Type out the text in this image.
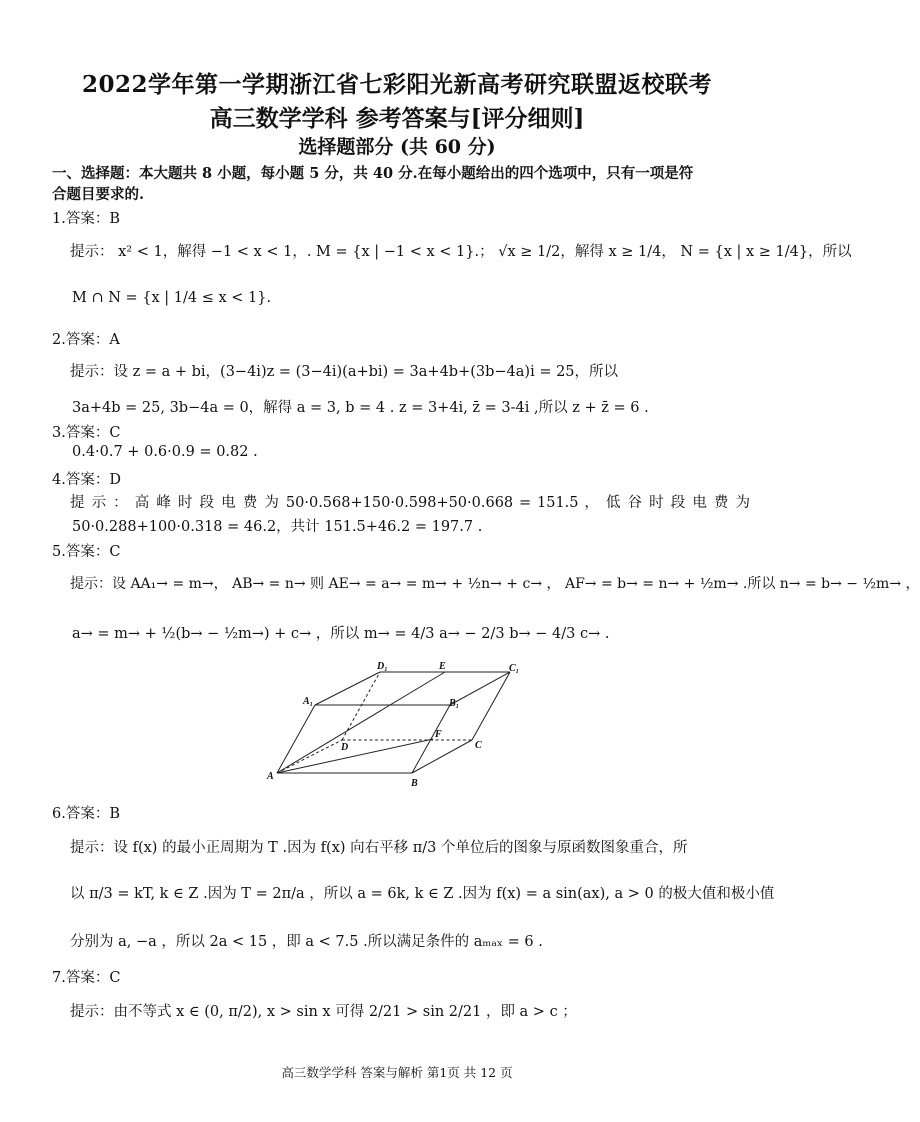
2022学年第一学期浙江省七彩阳光新高考研究联盟返校联考
高三数学学科 参考答案与[评分细则]
选择题部分 (共 60 分)
一、选择题：本大题共 8 小题，每小题 5 分，共 40 分.在每小题给出的四个选项中，只有一项是符
合题目要求的.
1.答案：B
提示： x² < 1，解得 −1 < x < 1，. M = {x | −1 < x < 1}.； √x ≥ 1/2，解得 x ≥ 1/4， N = {x | x ≥ 1/4}，所以
M ∩ N = {x | 1/4 ≤ x < 1}.
2.答案：A
提示：设 z = a + bi，(3−4i)z = (3−4i)(a+bi) = 3a+4b+(3b−4a)i = 25，所以
3a+4b = 25, 3b−4a = 0，解得 a = 3, b = 4 . z = 3+4i, z̄ = 3-4i ,所以 z + z̄ = 6 .
3.答案：C
0.4·0.7 + 0.6·0.9 = 0.82 .
4.答案：D
提 示 ： 高 峰 时 段 电 费 为 50·0.568+150·0.598+50·0.668 = 151.5 ， 低 谷 时 段 电 费 为
50·0.288+100·0.318 = 46.2，共计 151.5+46.2 = 197.7 .
5.答案：C
提示：设 AA₁→ = m→， AB→ = n→ 则 AE→ = a→ = m→ + ½n→ + c→ ， AF→ = b→ = n→ + ½m→ .所以 n→ = b→ − ½m→ ，
a→ = m→ + ½(b→ − ½m→) + c→ ，所以 m→ = 4/3 a→ − 2/3 b→ − 4/3 c→ .
A
B
C
D
A₁	B₁
C₁
D₁	E
F
6.答案：B
提示：设 f(x) 的最小正周期为 T .因为 f(x) 向右平移 π/3 个单位后的图象与原函数图象重合，所
以 π/3 = kT, k ∈ Z .因为 T = 2π/a ，所以 a = 6k, k ∈ Z .因为 f(x) = a sin(ax), a > 0 的极大值和极小值
分别为 a, −a ，所以 2a < 15 ，即 a < 7.5 .所以满足条件的 aₘₐₓ = 6 .
7.答案：C
提示：由不等式 x ∈ (0, π/2), x > sin x 可得 2/21 > sin 2/21 ，即 a > c ；
高三数学学科 答案与解析 第1页 共 12 页
